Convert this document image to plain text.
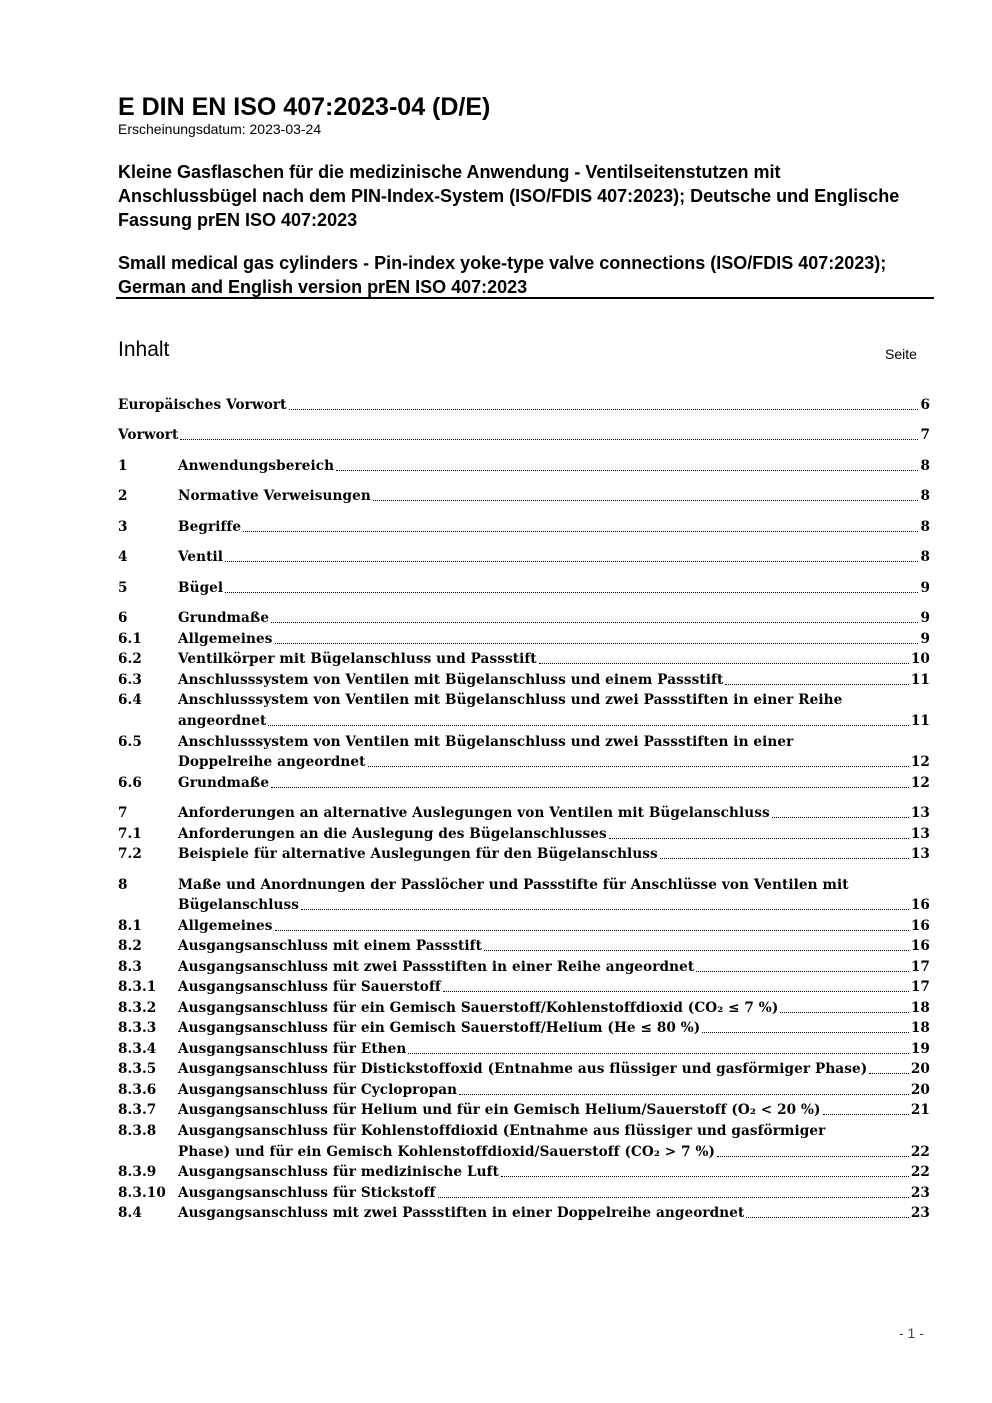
E DIN EN ISO 407:2023-04 (D/E)
Erscheinungsdatum: 2023-03-24
Kleine Gasflaschen für die medizinische Anwendung - Ventilseitenstutzen mit Anschlussbügel nach dem PIN-Index-System (ISO/FDIS 407:2023); Deutsche und Englische Fassung prEN ISO 407:2023
Small medical gas cylinders - Pin-index yoke-type valve connections (ISO/FDIS 407:2023); German and English version prEN ISO 407:2023
Inhalt	Seite
Europäisches Vorwort	6
Vorwort	7
1	Anwendungsbereich	8
2	Normative Verweisungen	8
3	Begriffe	8
4	Ventil	8
5	Bügel	9
6	Grundmaße	9
6.1	Allgemeines	9
6.2	Ventilkörper mit Bügelanschluss und Passstift	10
6.3	Anschlusssystem von Ventilen mit Bügelanschluss und einem Passstift	11
6.4	Anschlusssystem von Ventilen mit Bügelanschluss und zwei Passstiften in einer Reihe
angeordnet	11
6.5	Anschlusssystem von Ventilen mit Bügelanschluss und zwei Passstiften in einer
Doppelreihe angeordnet	12
6.6	Grundmaße	12
7	Anforderungen an alternative Auslegungen von Ventilen mit Bügelanschluss	13
7.1	Anforderungen an die Auslegung des Bügelanschlusses	13
7.2	Beispiele für alternative Auslegungen für den Bügelanschluss	13
8	Maße und Anordnungen der Passlöcher und Passstifte für Anschlüsse von Ventilen mit
Bügelanschluss	16
8.1	Allgemeines	16
8.2	Ausgangsanschluss mit einem Passstift	16
8.3	Ausgangsanschluss mit zwei Passstiften in einer Reihe angeordnet	17
8.3.1 Ausgangsanschluss für Sauerstoff	17
8.3.2 Ausgangsanschluss für ein Gemisch Sauerstoff/Kohlenstoffdioxid (CO₂ ≤ 7 %)	18
8.3.3 Ausgangsanschluss für ein Gemisch Sauerstoff/Helium (He ≤ 80 %)	18
8.3.4 Ausgangsanschluss für Ethen	19
8.3.5 Ausgangsanschluss für Distickstoffoxid (Entnahme aus flüssiger und gasförmiger Phase)	20
8.3.6 Ausgangsanschluss für Cyclopropan	20
8.3.7 Ausgangsanschluss für Helium und für ein Gemisch Helium/Sauerstoff (O₂ < 20 %)	21
8.3.8 Ausgangsanschluss für Kohlenstoffdioxid (Entnahme aus flüssiger und gasförmiger
Phase) und für ein Gemisch Kohlenstoffdioxid/Sauerstoff (CO₂ > 7 %)	22
8.3.9 Ausgangsanschluss für medizinische Luft	22
8.3.10 Ausgangsanschluss für Stickstoff	23
8.4	Ausgangsanschluss mit zwei Passstiften in einer Doppelreihe angeordnet	23
- 1 -
